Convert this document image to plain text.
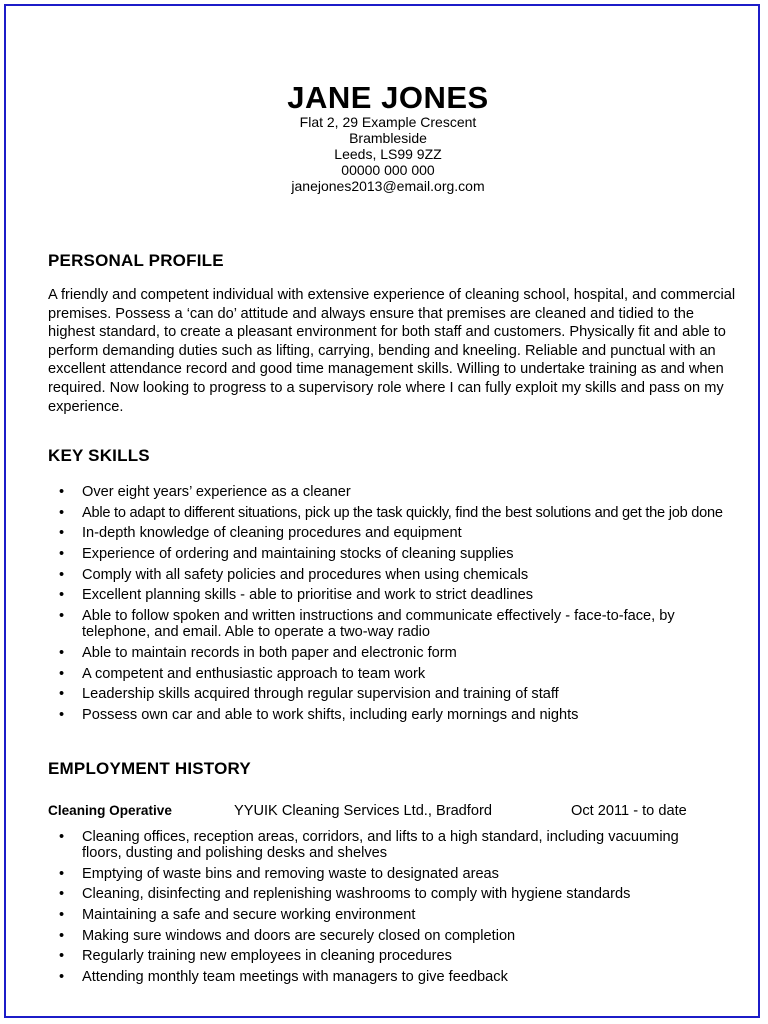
JANE JONES
Flat 2, 29 Example Crescent
Brambleside
Leeds, LS99 9ZZ
00000 000 000
janejones2013@email.org.com
PERSONAL PROFILE
A friendly and competent individual with extensive experience of cleaning school, hospital, and commercial premises. Possess a ‘can do’ attitude and always ensure that premises are cleaned and tidied to the highest standard, to create a pleasant environment for both staff and customers. Physically fit and able to perform demanding duties such as lifting, carrying, bending and kneeling. Reliable and punctual with an excellent attendance record and good time management skills. Willing to undertake training as and when required. Now looking to progress to a supervisory role where I can fully exploit my skills and pass on my experience.
KEY SKILLS
• Over eight years’ experience as a cleaner
• Able to adapt to different situations, pick up the task quickly, find the best solutions and get the job done
• In-depth knowledge of cleaning procedures and equipment
• Experience of ordering and maintaining stocks of cleaning supplies
• Comply with all safety policies and procedures when using chemicals
• Excellent planning skills - able to prioritise and work to strict deadlines
• Able to follow spoken and written instructions and communicate effectively - face-to-face, by telephone, and email. Able to operate a two-way radio
• Able to maintain records in both paper and electronic form
• A competent and enthusiastic approach to team work
• Leadership skills acquired through regular supervision and training of staff
• Possess own car and able to work shifts, including early mornings and nights
EMPLOYMENT HISTORY
Cleaning Operative	YYUIK Cleaning Services Ltd., Bradford	Oct 2011 - to date
• Cleaning offices, reception areas, corridors, and lifts to a high standard, including vacuuming floors, dusting and polishing desks and shelves
• Emptying of waste bins and removing waste to designated areas
• Cleaning, disinfecting and replenishing washrooms to comply with hygiene standards
• Maintaining a safe and secure working environment
• Making sure windows and doors are securely closed on completion
• Regularly training new employees in cleaning procedures
• Attending monthly team meetings with managers to give feedback
